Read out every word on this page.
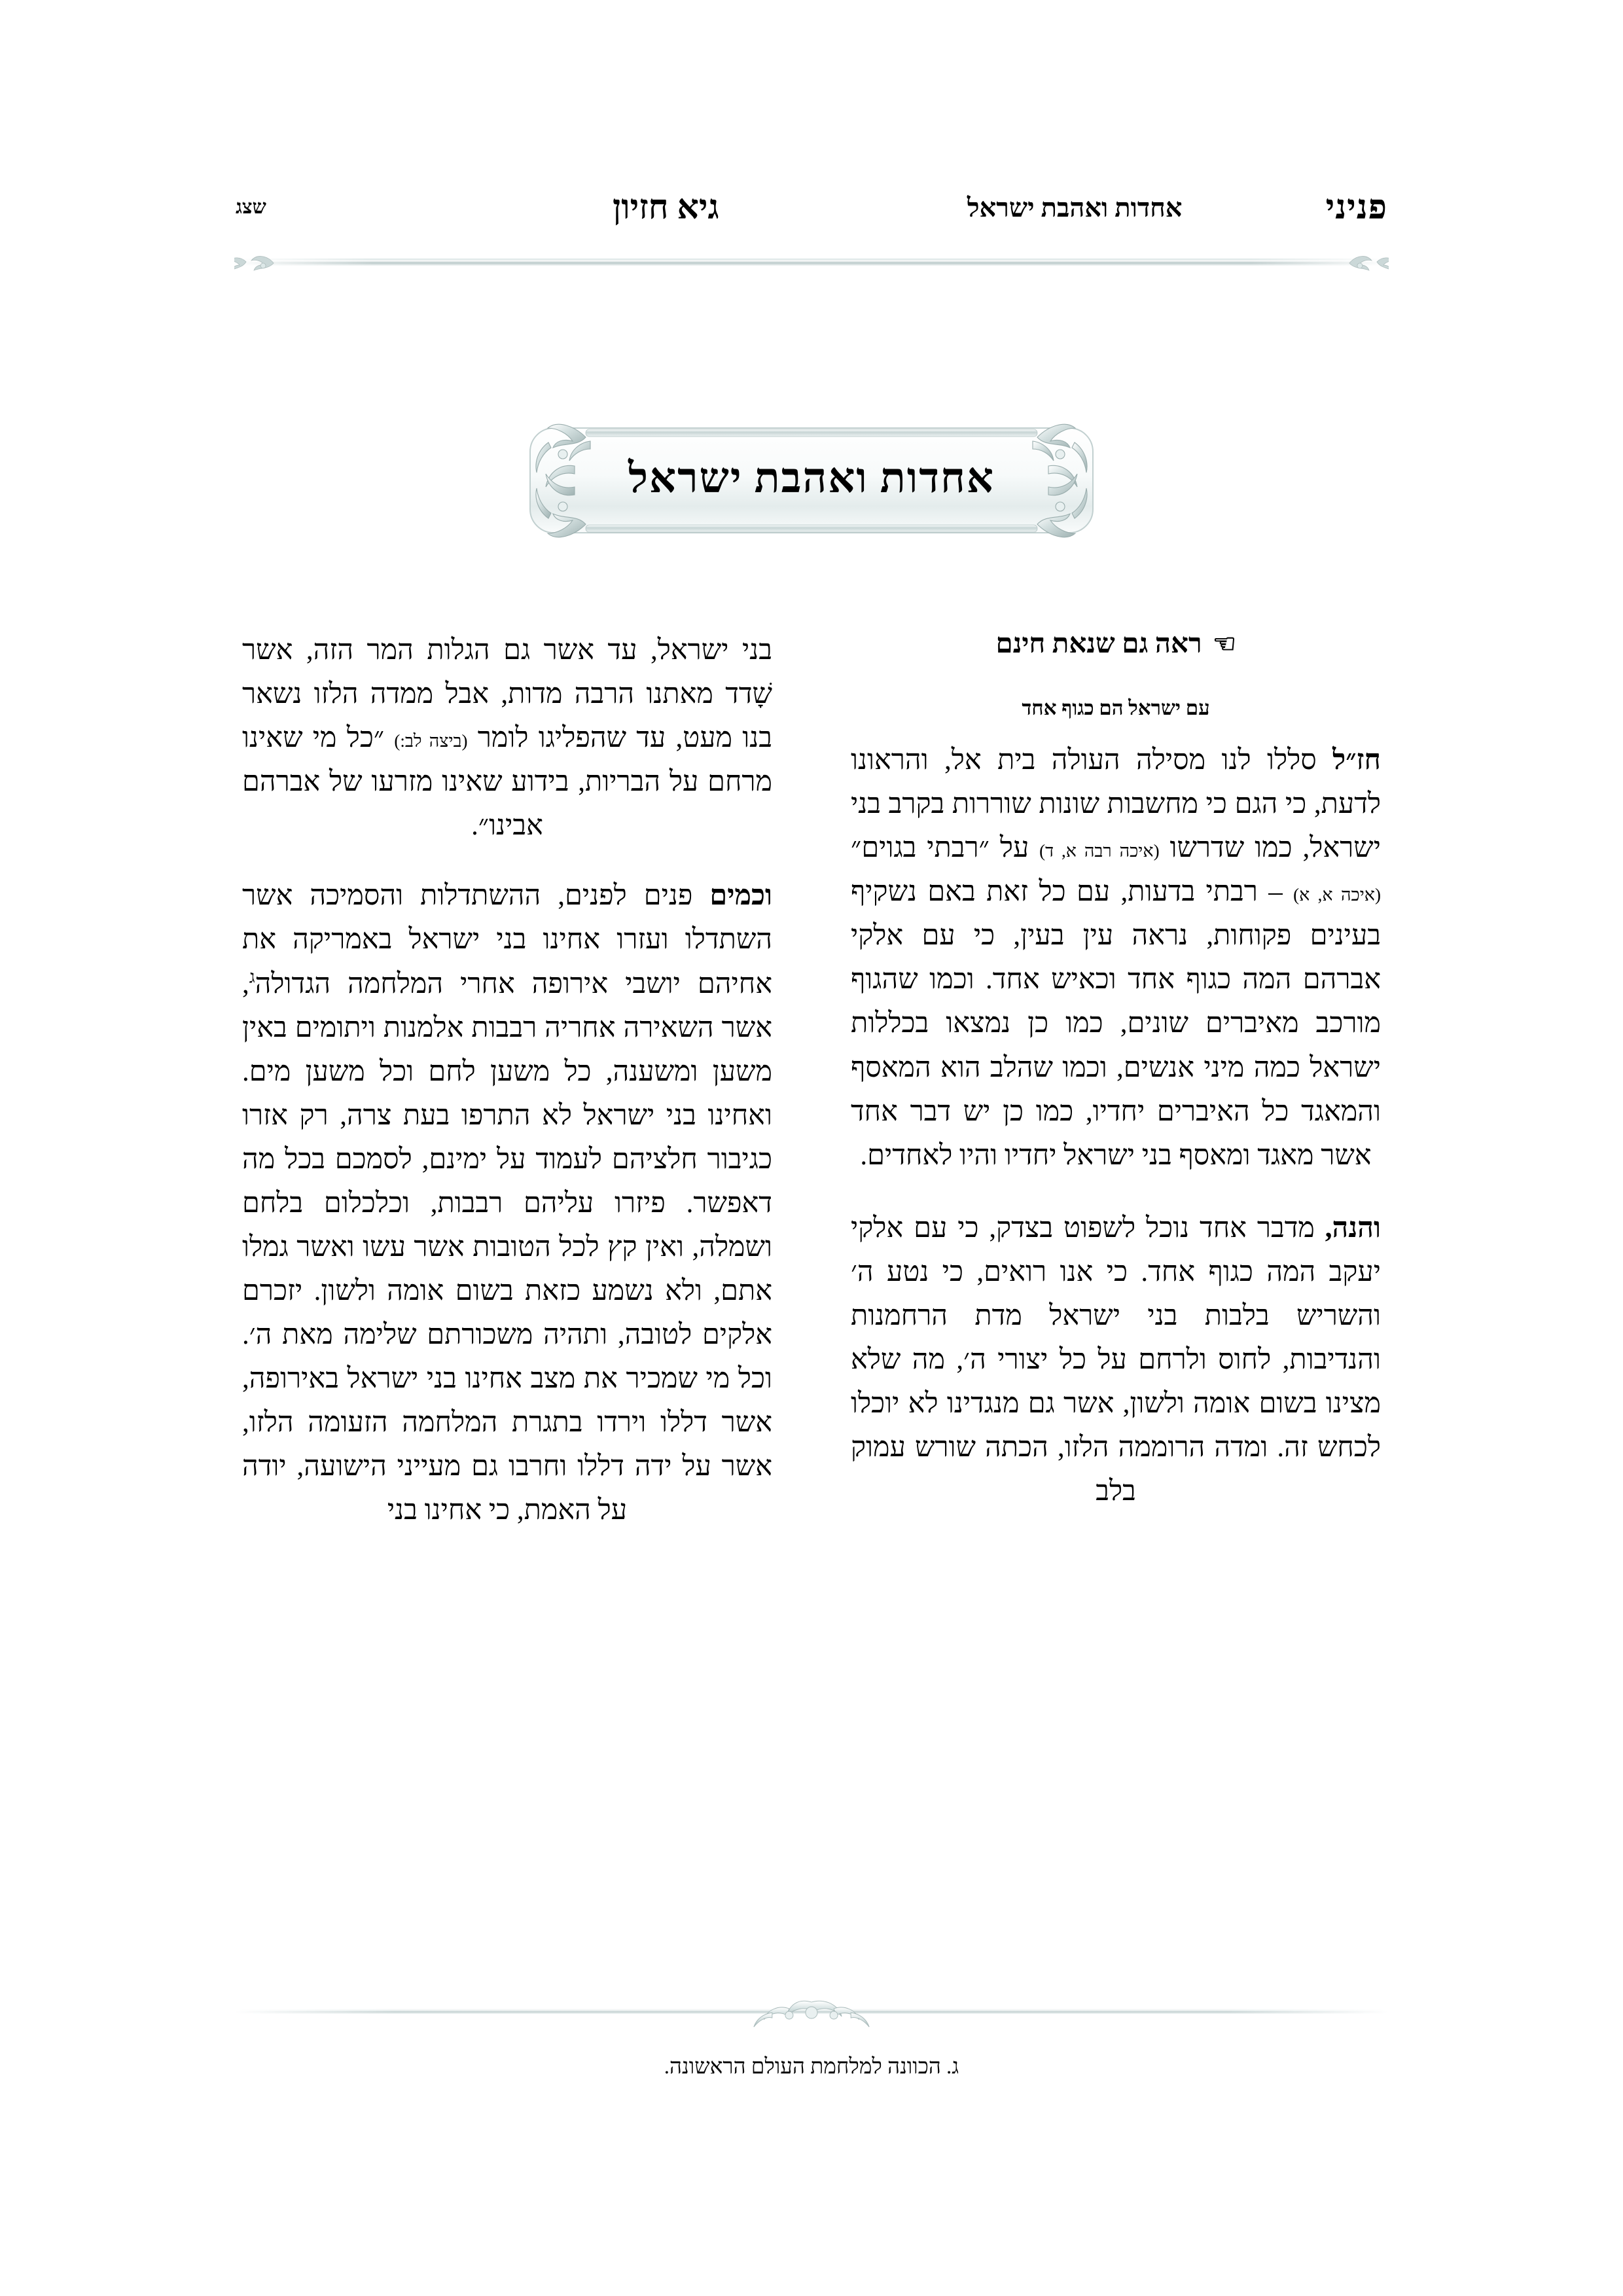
פניני
אחדות ואהבת ישראל
גיא חזיון
שצג
אחדות ואהבת ישראל
☞
ראה גם שנאת חינם
עם ישראל הם כגוף אחד

חז״ל סללו לנו מסילה העולה בית אל, והראונו לדעת, כי הגם כי מחשבות שונות שוררות בקרב בני ישראל, כמו שדרשו (איכה רבה א, ד) על ״רבתי בגוים״ (איכה א, א) – רבתי בדעות, עם כל זאת באם נשקיף בעינים פקוחות, נראה עין בעין, כי עם אלקי אברהם המה כגוף אחד וכאיש אחד. וכמו שהגוף מורכב מאיברים שונים, כמו כן נמצאו בכללות ישראל כמה מיני אנשים, וכמו שהלב הוא המאסף והמאגד כל האיברים יחדיו, כמו כן יש דבר אחד אשר מאגד ומאסף בני ישראל יחדיו והיו לאחדים.

והנה, מדבר אחד נוכל לשפוט בצדק, כי עם אלקי יעקב המה כגוף אחד. כי אנו רואים, כי נטע ה׳ והשריש בלבות בני ישראל מדת הרחמנות והנדיבות, לחוס ולרחם על כל יצורי ה׳, מה שלא מצינו בשום אומה ולשון, אשר גם מנגדינו לא יוכלו לכחש זה. ומדה הרוממה הלזו, הכתה שורש עמוק בלב

בני ישראל, עד אשר גם הגלות המר הזה, אשר שָׁדד מאתנו הרבה מדות, אבל ממדה הלזו נשאר בנו מעט, עד שהפליגו לומר (ביצה לב:) ״כל מי שאינו מרחם על הבריות, בידוע שאינו מזרעו של אברהם אבינו״.

וכמים פנים לפנים, ההשתדלות והסמיכה אשר השתדלו ועזרו אחינו בני ישראל באמריקה את אחיהם יושבי אירופה אחרי המלחמה הגדולה$^ג$, אשר השאירה אחריה רבבות אלמנות ויתומים באין משען ומשענה, כל משען לחם וכל משען מים. ואחינו בני ישראל לא התרפו בעת צרה, רק אזרו כגיבור חלציהם לעמוד על ימינם, לסמכם בכל מה דאפשר. פיזרו עליהם רבבות, וכלכלום בלחם ושמלה, ואין קץ לכל הטובות אשר עשו ואשר גמלו אתם, ולא נשמע כזאת בשום אומה ולשון. יזכרם אלקים לטובה, ותהיה משכורתם שלימה מאת ה׳. וכל מי שמכיר את מצב אחינו בני ישראל באירופה, אשר דללו וירדו בתגרת המלחמה הזעומה הלזו, אשר על ידה דללו וחרבו גם מעייני הישועה, יודה על האמת, כי אחינו בני

ג. הכוונה למלחמת העולם הראשונה.
